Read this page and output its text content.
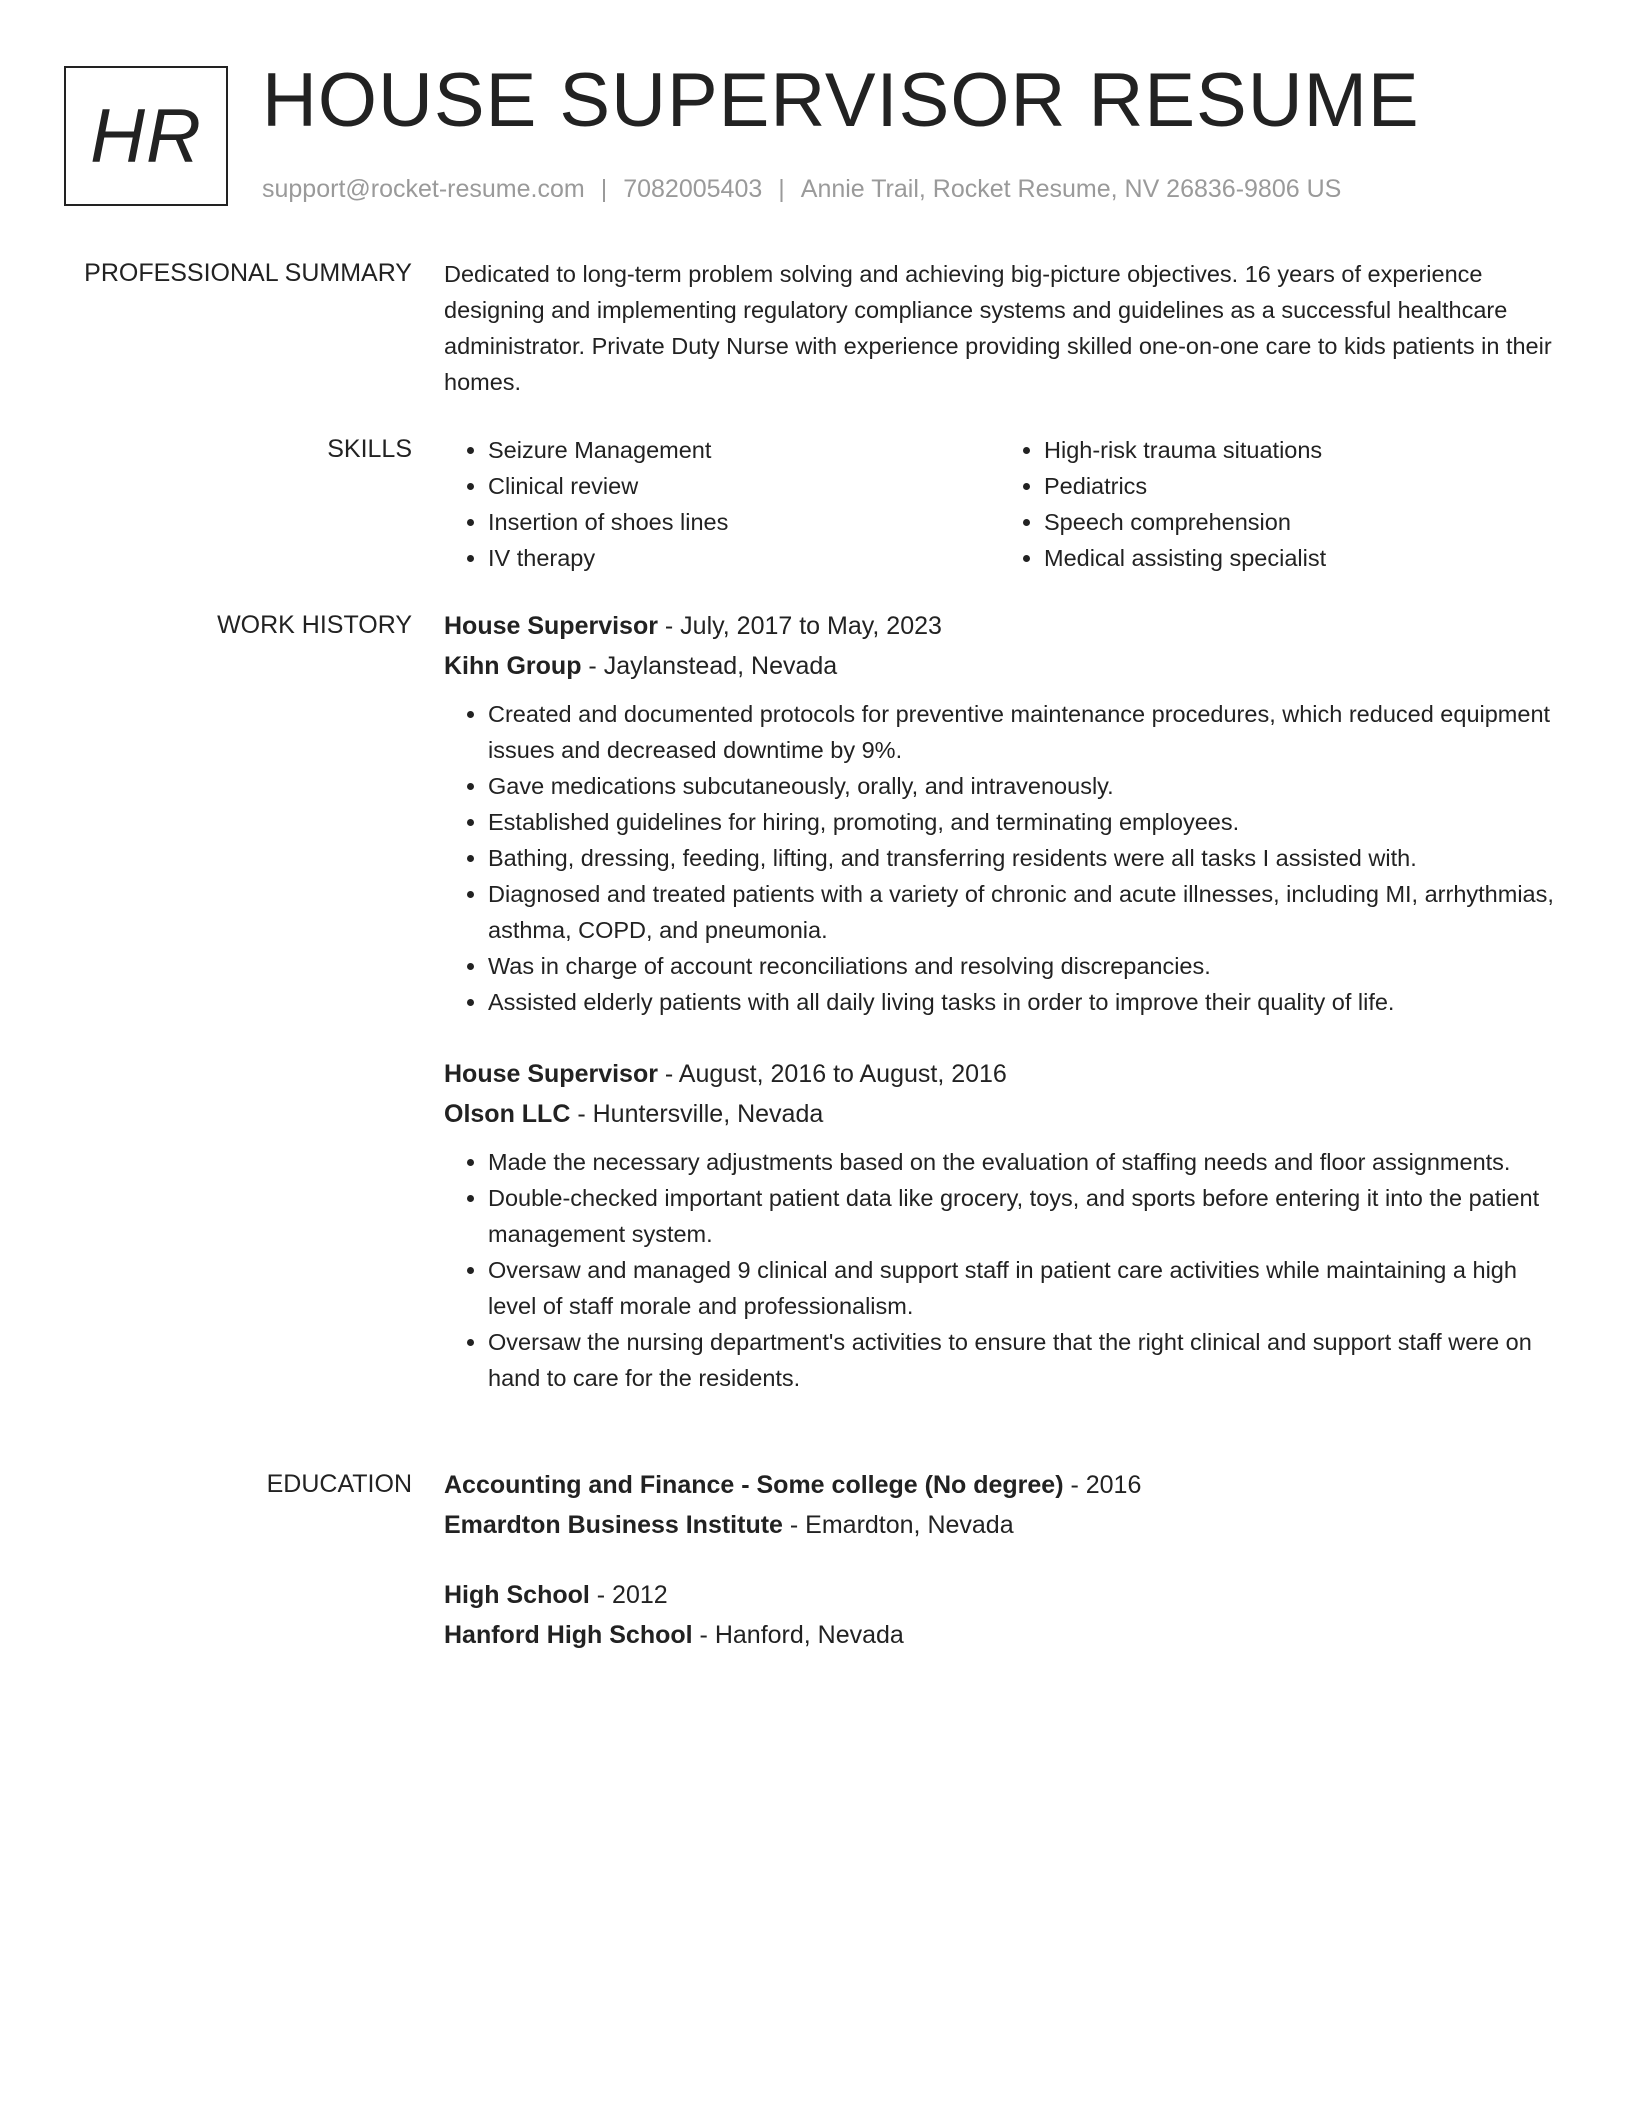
HR HOUSE SUPERVISOR RESUME
support@rocket-resume.com | 7082005403 | Annie Trail, Rocket Resume, NV 26836-9806 US
PROFESSIONAL SUMMARY Dedicated to long-term problem solving and achieving big-picture objectives. 16 years of experience designing and implementing regulatory compliance systems and guidelines as a successful healthcare administrator. Private Duty Nurse with experience providing skilled one-on-one care to kids patients in their homes.

SKILLS
•	Seizure Management
• Clinical review
• Insertion of shoes lines
• IV therapy
• High-risk trauma situations
• Pediatrics
• Speech comprehension
• Medical assisting specialist
WORK HISTORY House Supervisor - July, 2017 to May, 2023
Kihn Group - Jaylanstead, Nevada
• Created and documented protocols for preventive maintenance procedures, which reduced equipment issues and decreased downtime by 9%.
• Gave medications subcutaneously, orally, and intravenously.
• Established guidelines for hiring, promoting, and terminating employees.
• Bathing, dressing, feeding, lifting, and transferring residents were all tasks I assisted with.
• Diagnosed and treated patients with a variety of chronic and acute illnesses, including MI, arrhythmias, asthma, COPD, and pneumonia.
• Was in charge of account reconciliations and resolving discrepancies.
• Assisted elderly patients with all daily living tasks in order to improve their quality of life.
House Supervisor - August, 2016 to August, 2016
Olson LLC - Huntersville, Nevada
• Made the necessary adjustments based on the evaluation of staffing needs and floor assignments.
• Double-checked important patient data like grocery, toys, and sports before entering it into the patient management system.
• Oversaw and managed 9 clinical and support staff in patient care activities while maintaining a high level of staff morale and professionalism.
• Oversaw the nursing department's activities to ensure that the right clinical and support staff were on hand to care for the residents.
EDUCATION Accounting and Finance - Some college (No degree) - 2016
Emardton Business Institute - Emardton, Nevada
High School - 2012
Hanford High School - Hanford, Nevada
